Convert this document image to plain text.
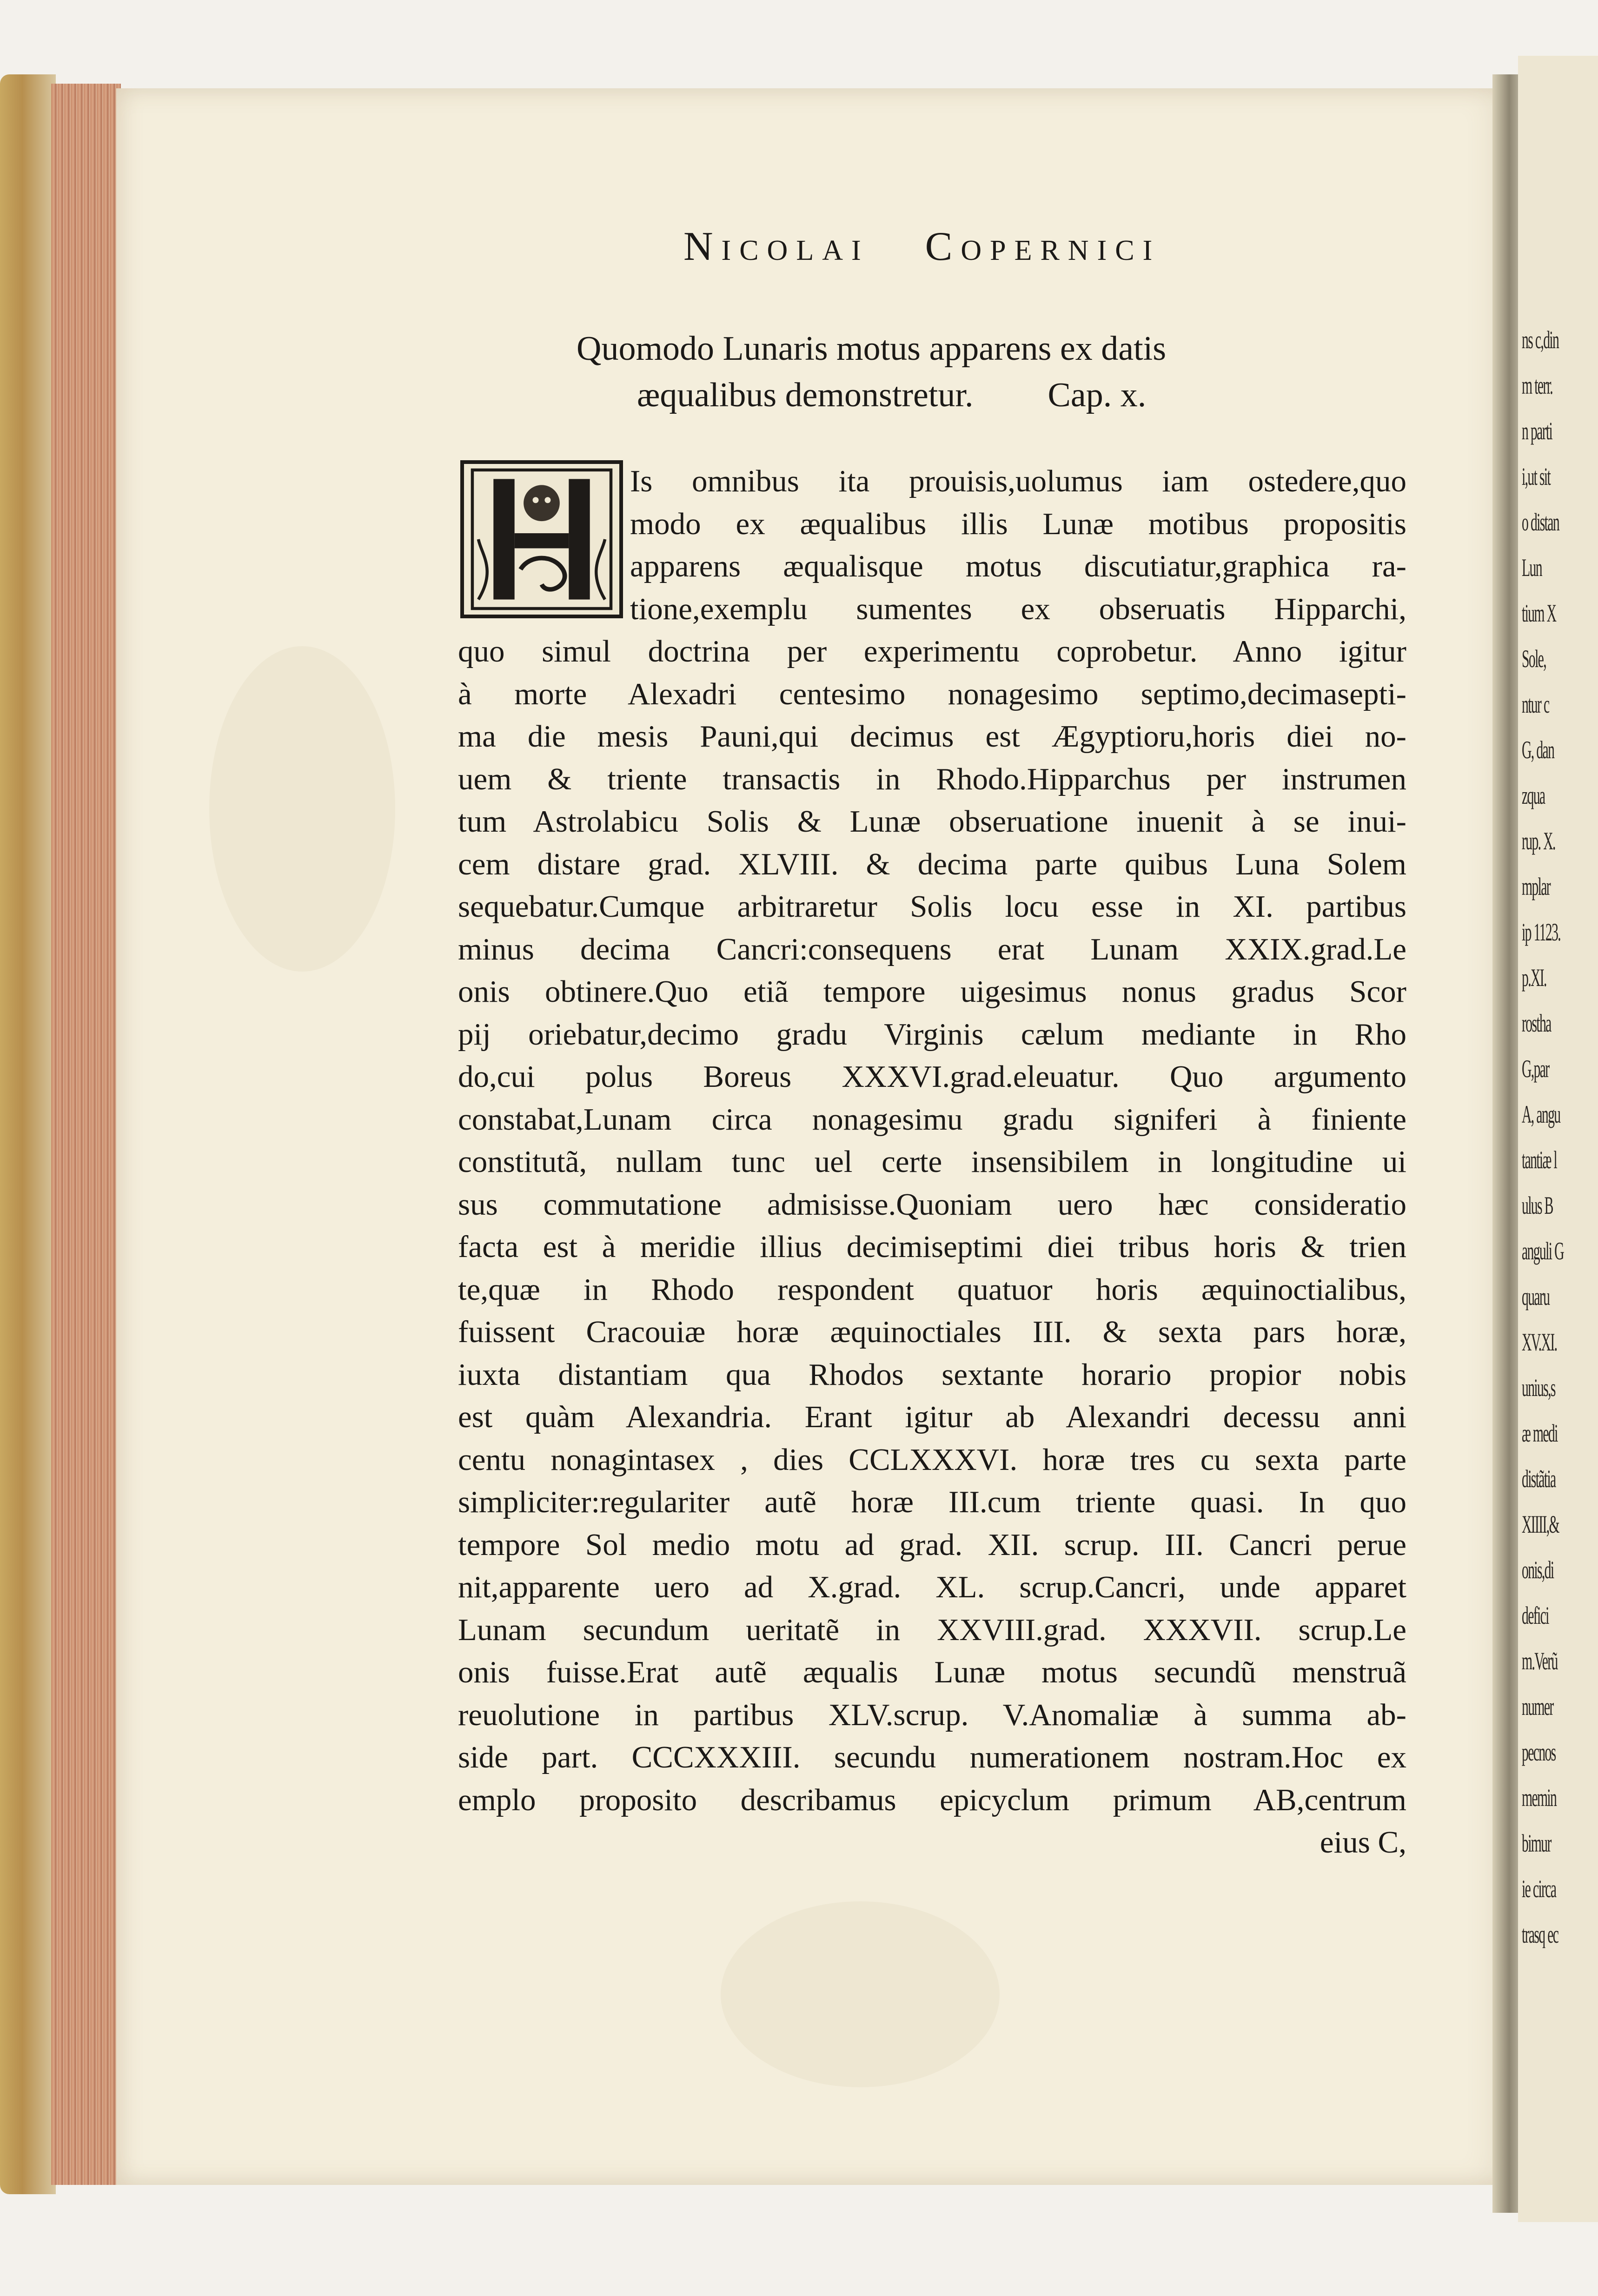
ns c,din
m terr.
n parti
i,ut sit
o distan
Lun
tium X
Sole,
ntur c
G, dan
zqua
rup. X.
mplar
ip 1123.
p.XI.
rostha
G,par
A, angu
tantiæ l
ulus B
anguli G
quaru
XV.XI.
unius,s
æ medi
distãtia
XIIII,&
onis,di
defici
m.Verũ
numer
pecnos
memin
bimur
ie circa
trasq ec
Nicolai Copernici
Quomodo Lunaris motus apparens ex datis
æqualibus demonstretur. Cap. x.
Is omnibus ita prouisis,uolumus iam ostedere,quo
modo ex æqualibus illis Lunæ motibus propositis
apparens æqualisque motus discutiatur,graphica ra-
tione,exemplu sumentes ex obseruatis Hipparchi,
quo simul doctrina per experimentu coprobetur. Anno igitur
à morte Alexadri centesimo nonagesimo septimo,decimasepti-
ma die mesis Pauni,qui decimus est Ægyptioru,horis diei no-
uem & triente transactis in Rhodo.Hipparchus per instrumen
tum Astrolabicu Solis & Lunæ obseruatione inuenit à se inui-
cem distare grad. XLVIII. & decima parte quibus Luna Solem
sequebatur.Cumque arbitraretur Solis locu esse in XI. partibus
minus decima Cancri:consequens erat Lunam XXIX.grad.Le
onis obtinere.Quo etiã tempore uigesimus nonus gradus Scor
pij oriebatur,decimo gradu Virginis cælum mediante in Rho
do,cui polus Boreus XXXVI.grad.eleuatur. Quo argumento
constabat,Lunam circa nonagesimu gradu signiferi à finiente
constitutã, nullam tunc uel certe insensibilem in longitudine ui
sus commutatione admisisse.Quoniam uero hæc consideratio
facta est à meridie illius decimiseptimi diei tribus horis & trien
te,quæ in Rhodo respondent quatuor horis æquinoctialibus,
fuissent Cracouiæ horæ æquinoctiales III. & sexta pars horæ,
iuxta distantiam qua Rhodos sextante horario propior nobis
est quàm Alexandria. Erant igitur ab Alexandri decessu anni
centu nonagintasex , dies CCLXXXVI. horæ tres cu sexta parte
simpliciter:regulariter autẽ horæ III.cum triente quasi. In quo
tempore Sol medio motu ad grad. XII. scrup. III. Cancri perue
nit,apparente uero ad X.grad. XL. scrup.Cancri, unde apparet
Lunam secundum ueritatẽ in XXVIII.grad. XXXVII. scrup.Le
onis fuisse.Erat autẽ æqualis Lunæ motus secundũ menstruã
reuolutione in partibus XLV.scrup. V.Anomaliæ à summa ab-
side part. CCCXXXIII. secundu numerationem nostram.Hoc ex
emplo proposito describamus epicyclum primum AB,centrum
eius C,
